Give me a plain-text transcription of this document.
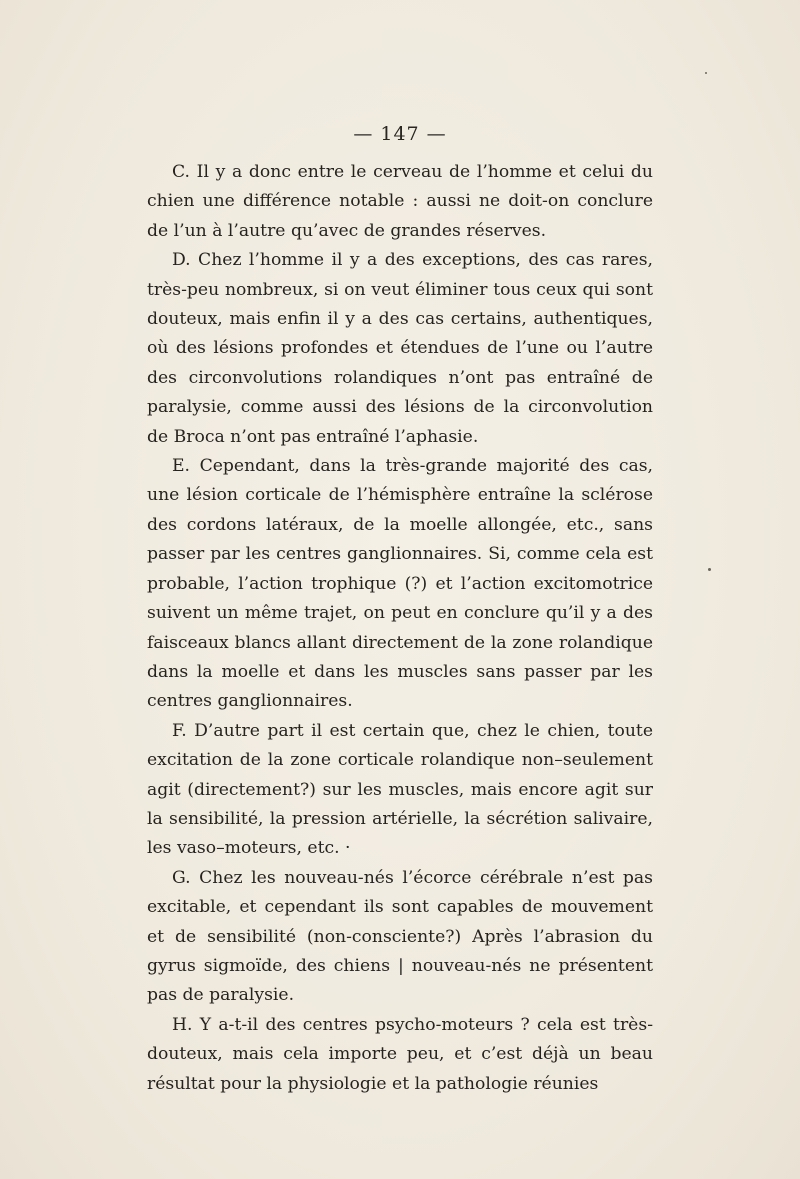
— 147 —

C. Il y a donc entre le cerveau de l’homme et celui du chien une différence notable : aussi ne doit-on conclure de l’un à l’autre qu’avec de grandes réserves.

D. Chez l’homme il y a des exceptions, des cas rares, très-peu nombreux, si on veut éliminer tous ceux qui sont douteux, mais enfin il y a des cas certains, authentiques, où des lésions profondes et étendues de l’une ou l’autre des circonvolutions rolandiques n’ont pas entraîné de paralysie, comme aussi des lésions de la circonvolution de Broca n’ont pas entraîné l’aphasie.

E. Cependant, dans la très-grande majorité des cas, une lésion corticale de l’hémisphère entraîne la sclérose des cordons latéraux, de la moelle allongée, etc., sans passer par les centres ganglionnaires. Si, comme cela est probable, l’action trophique (?) et l’action excitomotrice suivent un même trajet, on peut en conclure qu’il y a des faisceaux blancs allant directement de la zone rolandique dans la moelle et dans les muscles sans passer par les centres ganglionnaires.

F. D’autre part il est certain que, chez le chien, toute excitation de la zone corticale rolandique non–seulement agit (directement?) sur les muscles, mais encore agit sur la sensibilité, la pression artérielle, la sécrétion salivaire, les vaso–moteurs, etc. ·

G. Chez les nouveau-nés l’écorce cérébrale n’est pas excitable, et cependant ils sont capables de mouvement et de sensibilité (non-consciente?) Après l’abrasion du gyrus sigmoïde, des chiens | nouveau-nés ne présentent pas de paralysie.

H. Y a-t-il des centres psycho-moteurs ? cela est trèsdouteux, mais cela importe peu, et c’est déjà un beau résultat pour la physiologie et la pathologie réunies
